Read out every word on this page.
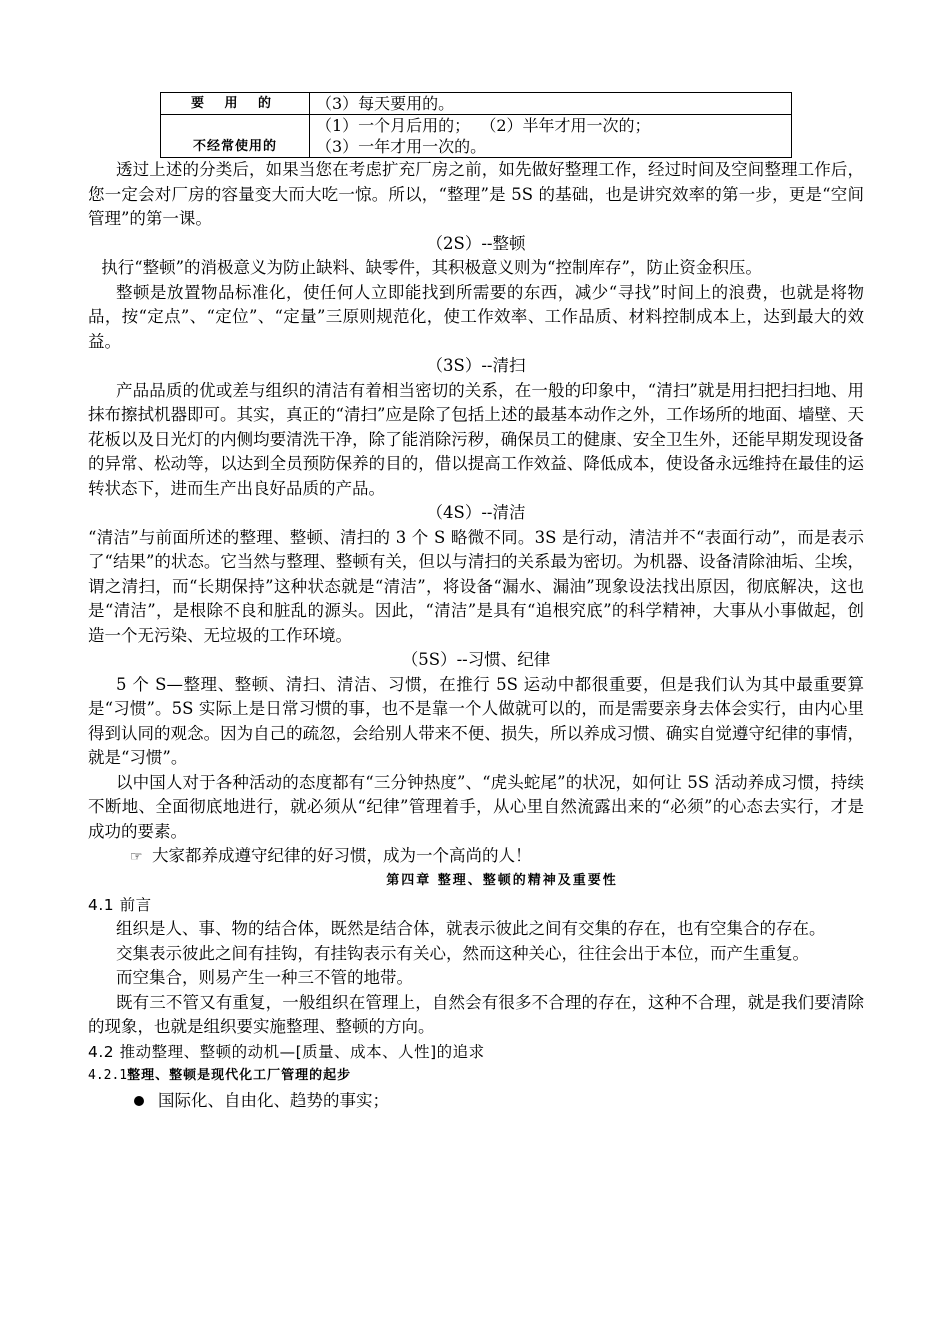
要 用 的	（3）每天要用的。
不经常使用的	（1）一个月后用的；  （2）半年才用一次的；
（3）一年才用一次的。

透过上述的分类后，如果当您在考虑扩充厂房之前，如先做好整理工作，经过时间及空间整理工作后，您一定会对厂房的容量变大而大吃一惊。所以，“整理”是 5S 的基础，也是讲究效率的第一步，更是“空间管理”的第一课。

（2S）--整顿

执行“整顿”的消极意义为防止缺料、缺零件，其积极意义则为“控制库存”，防止资金积压。

整顿是放置物品标准化，使任何人立即能找到所需要的东西，减少“寻找”时间上的浪费，也就是将物品，按“定点”、“定位”、“定量”三原则规范化，使工作效率、工作品质、材料控制成本上，达到最大的效益。

（3S）--清扫

产品品质的优或差与组织的清洁有着相当密切的关系，在一般的印象中，“清扫”就是用扫把扫扫地、用抹布擦拭机器即可。其实，真正的“清扫”应是除了包括上述的最基本动作之外，工作场所的地面、墙壁、天花板以及日光灯的内侧均要清洗干净，除了能消除污秽，确保员工的健康、安全卫生外，还能早期发现设备的异常、松动等，以达到全员预防保养的目的，借以提高工作效益、降低成本，使设备永远维持在最佳的运转状态下，进而生产出良好品质的产品。

（4S）--清洁

“清洁”与前面所述的整理、整顿、清扫的 3 个 S 略微不同。3S 是行动，清洁并不“表面行动”，而是表示了“结果”的状态。它当然与整理、整顿有关，但以与清扫的关系最为密切。为机器、设备清除油垢、尘埃，谓之清扫，而“长期保持”这种状态就是“清洁”，将设备“漏水、漏油”现象设法找出原因，彻底解决，这也是“清洁”，是根除不良和脏乱的源头。因此，“清洁”是具有“追根究底”的科学精神，大事从小事做起，创造一个无污染、无垃圾的工作环境。

（5S）--习惯、纪律

5 个 S—整理、整顿、清扫、清洁、习惯，在推行 5S 运动中都很重要，但是我们认为其中最重要算是“习惯”。5S 实际上是日常习惯的事，也不是靠一个人做就可以的，而是需要亲身去体会实行，由内心里得到认同的观念。因为自己的疏忽，会给别人带来不便、损失，所以养成习惯、确实自觉遵守纪律的事情，就是“习惯”。

以中国人对于各种活动的态度都有“三分钟热度”、“虎头蛇尾”的状况，如何让 5S 活动养成习惯，持续不断地、全面彻底地进行，就必须从“纪律”管理着手，从心里自然流露出来的“必须”的心态去实行，才是成功的要素。

☞ 大家都养成遵守纪律的好习惯，成为一个高尚的人！
第四章 整理、整顿的精神及重要性
4.1 前言

组织是人、事、物的结合体，既然是结合体，就表示彼此之间有交集的存在，也有空集合的存在。

交集表示彼此之间有挂钩，有挂钩表示有关心，然而这种关心，往往会出于本位，而产生重复。

而空集合，则易产生一种三不管的地带。

既有三不管又有重复，一般组织在管理上，自然会有很多不合理的存在，这种不合理，就是我们要清除的现象，也就是组织要实施整理、整顿的方向。

4.2 推动整理、整顿的动机—[质量、成本、人性]的追求
4.2.1整理、整顿是现代化工厂管理的起步
国际化、自由化、趋势的事实；
